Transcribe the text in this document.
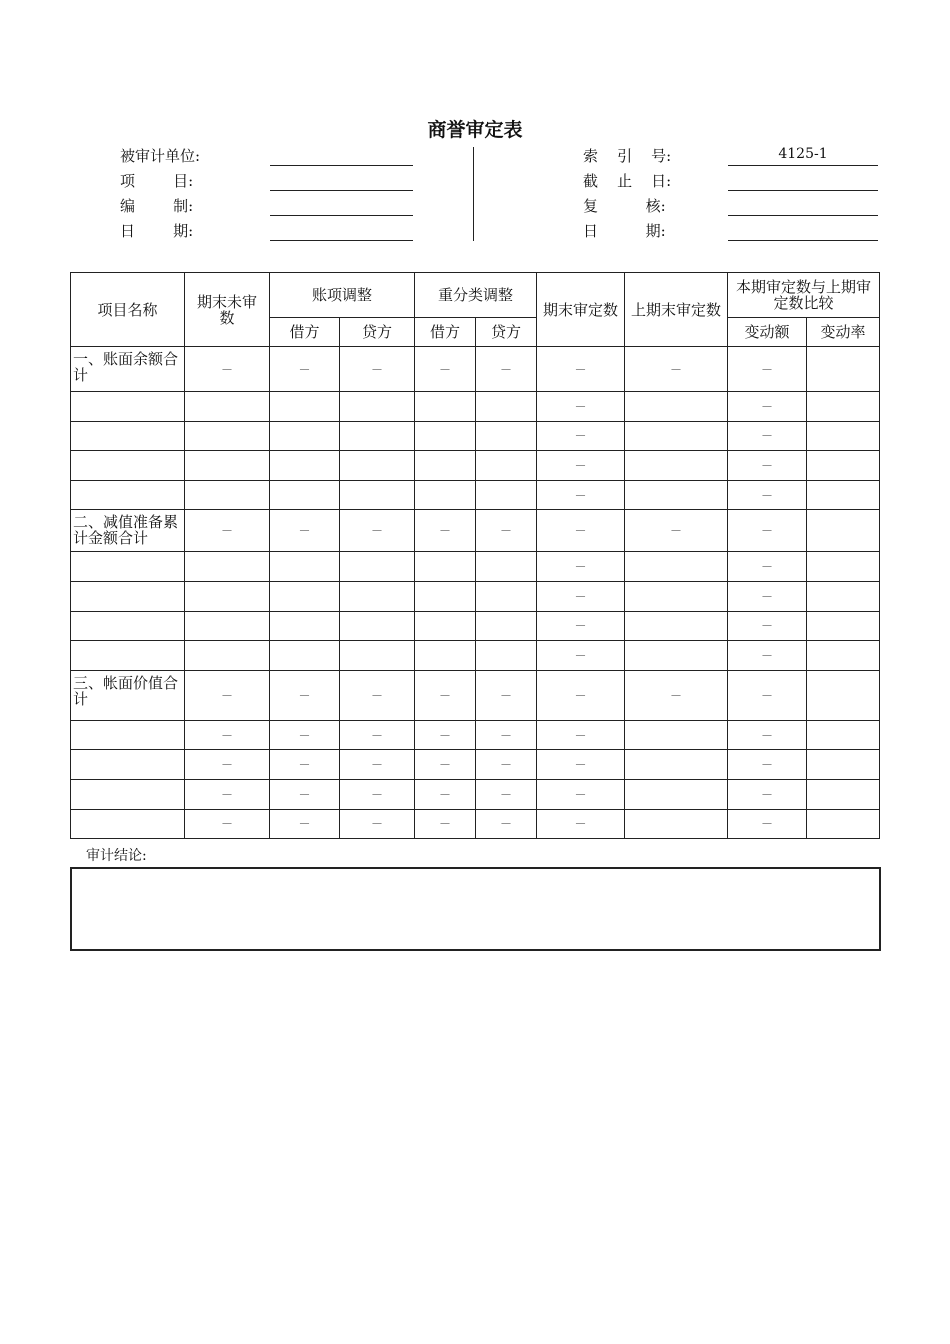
商誉审定表
被审计单位:
项        目:
编        制:
日        期:
索    引    号:	4125-1
截    止    日:
复          核:
日          期:
项目名称	期末未审数	账项调整		重分类调整		期末审定数	上期末审定数	本期审定数与上期审定数比较	
		借方	贷方	借方	贷方			变动额	变动率
一、账面余额合计	－	－	－	－	－	－	－	－	
						－		－	
						－		－	
						－		－	
						－		－	
二、减值准备累计金额合计	－	－	－	－	－	－	－	－	
						－		－	
						－		－	
						－		－	
						－		－	
三、帐面价值合计	－	－	－	－	－	－	－	－	
	－	－	－	－	－	－		－	
	－	－	－	－	－	－		－	
	－	－	－	－	－	－		－	
	－	－	－	－	－	－		－	
审计结论:
